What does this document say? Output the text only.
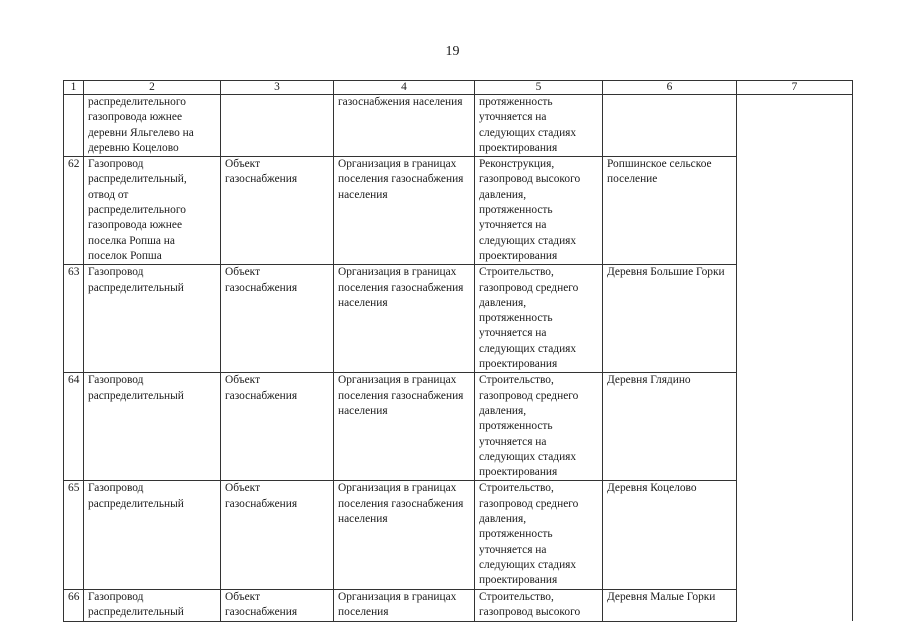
19
1	2	3	4	5	6	7
	распределительного газопровода южнее деревни Яльгелево на деревню Коцелово		газоснабжения населения	протяженность уточняется на следующих стадиях проектирования		
62	Газопровод распределительный, отвод от распределительного газопровода южнее поселка Ропша на поселок Ропша	Объект газоснабжения	Организация в границах поселения газоснабжения населения	Реконструкция, газопровод высокого давления, протяженность уточняется на следующих стадиях проектирования	Ропшинское сельское поселение	
63	Газопровод распределительный	Объект газоснабжения	Организация в границах поселения газоснабжения населения	Строительство, газопровод среднего давления, протяженность уточняется на следующих стадиях проектирования	Деревня Большие Горки	
64	Газопровод распределительный	Объект газоснабжения	Организация в границах поселения газоснабжения населения	Строительство, газопровод среднего давления, протяженность уточняется на следующих стадиях проектирования	Деревня Глядино	
65	Газопровод распределительный	Объект газоснабжения	Организация в границах поселения газоснабжения населения	Строительство, газопровод среднего давления, протяженность уточняется на следующих стадиях проектирования	Деревня Коцелово	
66	Газопровод распределительный	Объект газоснабжения	Организация в границах поселения	Строительство, газопровод высокого	Деревня Малые Горки	
